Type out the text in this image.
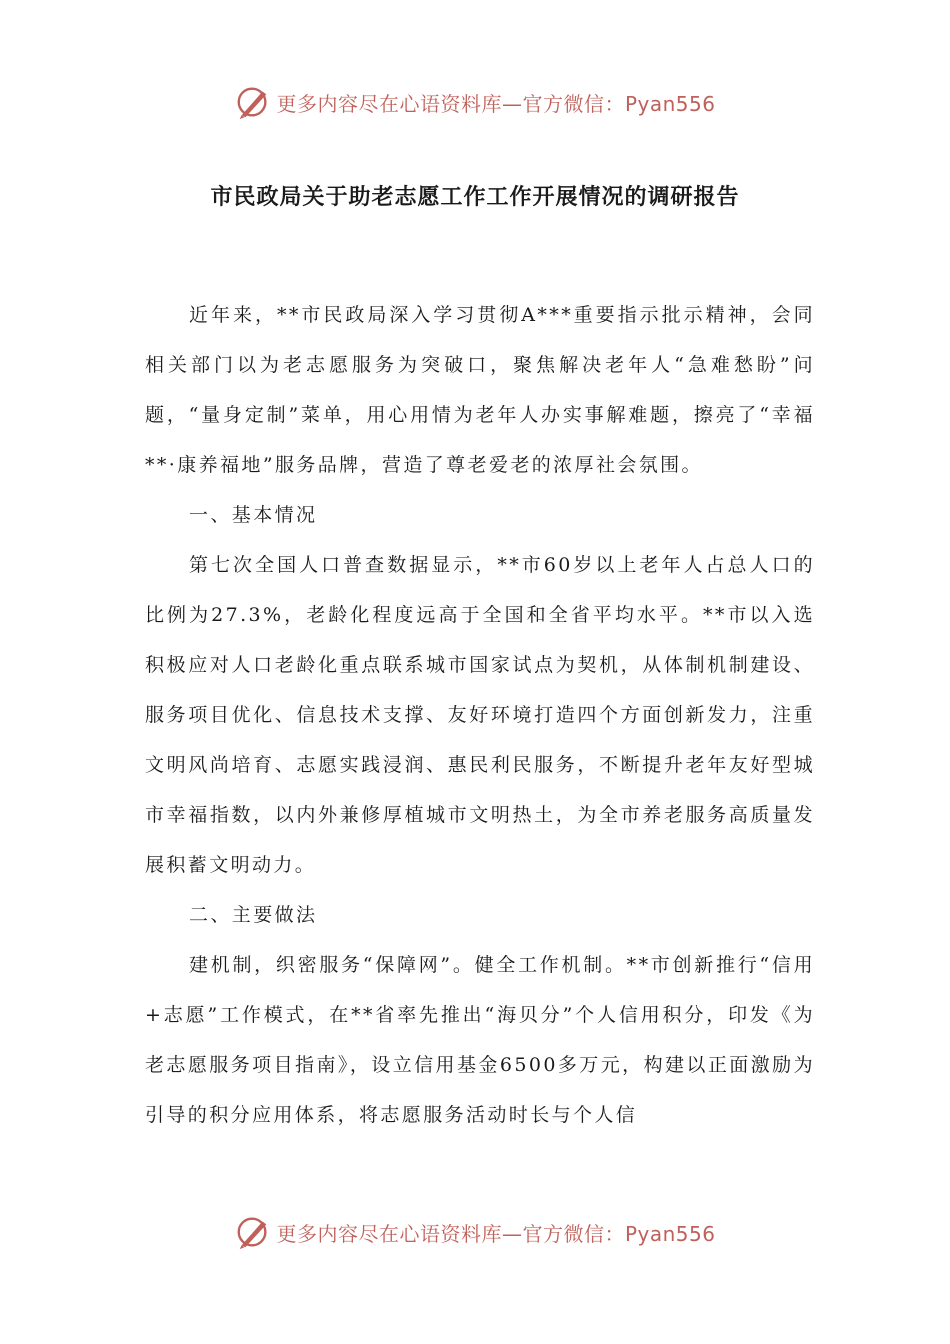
更多内容尽在心语资料库—官方微信：Pyan556
市民政局关于助老志愿工作工作开展情况的调研报告

近年来，**市民政局深入学习贯彻A***重要指示批示精神，会同相关部门以为老志愿服务为突破口，聚焦解决老年人“急难愁盼”问题，“量身定制”菜单，用心用情为老年人办实事解难题，擦亮了“幸福**·康养福地”服务品牌，营造了尊老爱老的浓厚社会氛围。

一、基本情况

第七次全国人口普查数据显示，**市60岁以上老年人占总人口的比例为27.3%，老龄化程度远高于全国和全省平均水平。**市以入选积极应对人口老龄化重点联系城市国家试点为契机，从体制机制建设、服务项目优化、信息技术支撑、友好环境打造四个方面创新发力，注重文明风尚培育、志愿实践浸润、惠民利民服务，不断提升老年友好型城市幸福指数，以内外兼修厚植城市文明热土，为全市养老服务高质量发展积蓄文明动力。

二、主要做法

建机制，织密服务“保障网”。健全工作机制。**市创新推行“信用+志愿”工作模式，在**省率先推出“海贝分”个人信用积分，印发《为老志愿服务项目指南》，设立信用基金6500多万元，构建以正面激励为引导的积分应用体系，将志愿服务活动时长与个人信

更多内容尽在心语资料库—官方微信：Pyan556
